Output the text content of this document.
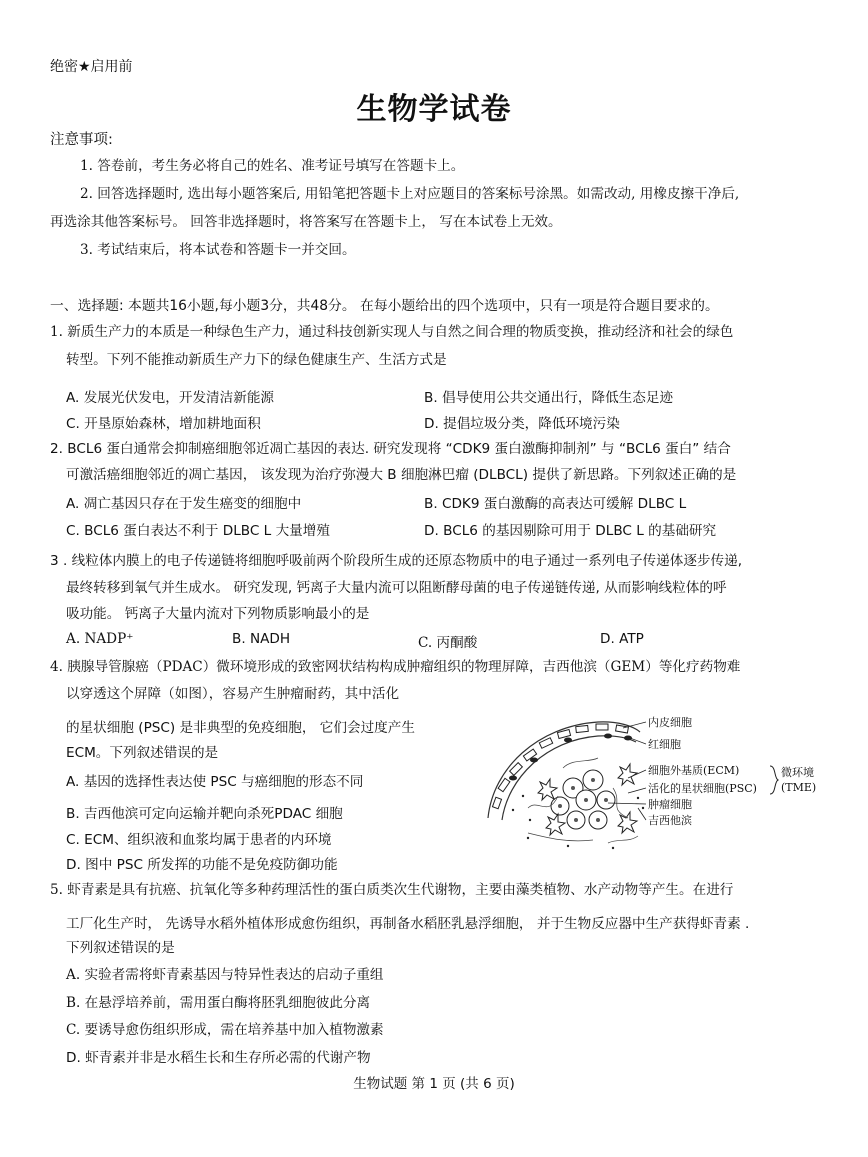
绝密★启用前
生物学试卷
注意事项:
1. 答卷前，考生务必将自己的姓名、准考证号填写在答题卡上。
2. 回答选择题时, 选出每小题答案后, 用铅笔把答题卡上对应题目的答案标号涂黑。如需改动, 用橡皮擦干净后,
再选涂其他答案标号。 回答非选择题时，将答案写在答题卡上， 写在本试卷上无效。
3. 考试结束后，将本试卷和答题卡一并交回。
一、选择题: 本题共16小题,每小题3分，共48分。 在每小题给出的四个选项中，只有一项是符合题目要求的。
1. 新质生产力的本质是一种绿色生产力，通过科技创新实现人与自然之间合理的物质变换，推动经济和社会的绿色
转型。下列不能推动新质生产力下的绿色健康生产、生活方式是
A. 发展光伏发电，开发清洁新能源	B. 倡导使用公共交通出行，降低生态足迹
C. 开垦原始森林，增加耕地面积	D. 提倡垃圾分类，降低环境污染
2. BCL6 蛋白通常会抑制癌细胞邻近凋亡基因的表达. 研究发现将 “CDK9 蛋白激酶抑制剂” 与 “BCL6 蛋白” 结合
可激活癌细胞邻近的凋亡基因， 该发现为治疗弥漫大 B 细胞淋巴瘤 (DLBCL) 提供了新思路。下列叙述正确的是
A. 凋亡基因只存在于发生癌变的细胞中	B. CDK9 蛋白激酶的高表达可缓解 DLBC L
C. BCL6 蛋白表达不利于 DLBC L 大量增殖	D. BCL6 的基因剔除可用于 DLBC L 的基础研究
3 . 线粒体内膜上的电子传递链将细胞呼吸前两个阶段所生成的还原态物质中的电子通过一系列电子传递体逐步传递,
最终转移到氧气并生成水。 研究发现, 钙离子大量内流可以阻断酵母菌的电子传递链传递, 从而影响线粒体的呼
吸功能。 钙离子大量内流对下列物质影响最小的是
A. NADP⁺	B. NADH	C. 丙酮酸	D. ATP
4. 胰腺导管腺癌（PDAC）微环境形成的致密网状结构构成肿瘤组织的物理屏障，吉西他滨（GEM）等化疗药物难
以穿透这个屏障（如图），容易产生肿瘤耐药，其中活化
的星状细胞 (PSC) 是非典型的免疫细胞， 它们会过度产生
ECM。下列叙述错误的是
A. 基因的选择性表达使 PSC 与癌细胞的形态不同
B. 吉西他滨可定向运输并靶向杀死PDAC 细胞
C. ECM、组织液和血浆均属于患者的内环境
D. 图中 PSC 所发挥的功能不是免疫防御功能
内皮细胞
红细胞
细胞外基质(ECM)
活化的星状细胞(PSC)
肿瘤细胞
吉西他滨
微环境
(TME)
5. 虾青素是具有抗癌、抗氧化等多种药理活性的蛋白质类次生代谢物，主要由藻类植物、水产动物等产生。在进行
工厂化生产时， 先诱导水稻外植体形成愈伤组织，再制备水稻胚乳悬浮细胞， 并于生物反应器中生产获得虾青素 .
下列叙述错误的是
A. 实验者需将虾青素基因与特异性表达的启动子重组
B. 在悬浮培养前，需用蛋白酶将胚乳细胞彼此分离
C. 要诱导愈伤组织形成，需在培养基中加入植物激素
D. 虾青素并非是水稻生长和生存所必需的代谢产物
生物试题 第 1 页 (共 6 页)
